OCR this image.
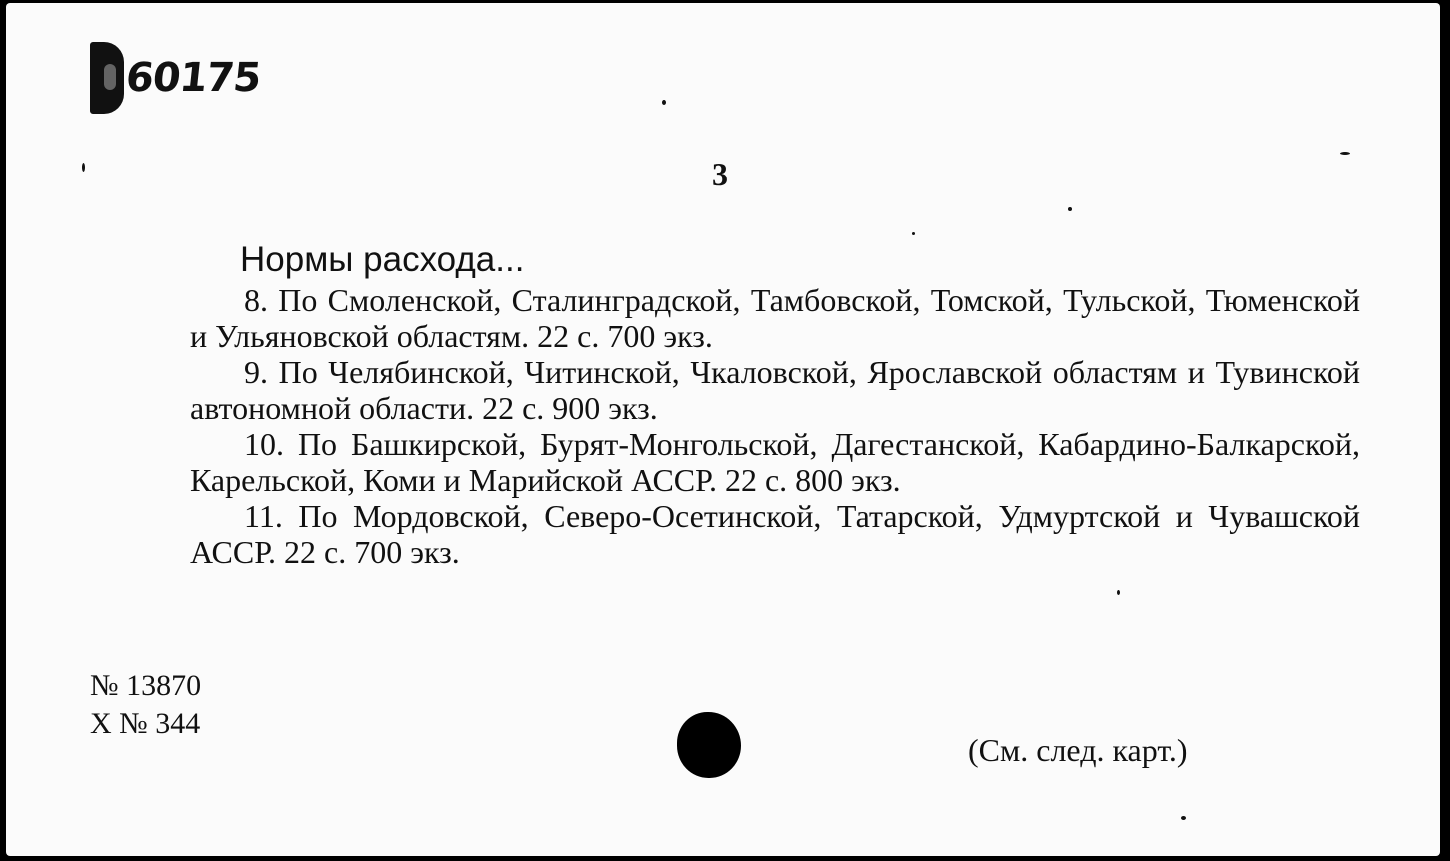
60175
3
Нормы расхода...
8. По Смоленской, Сталинградской, Тамбовской, Томской, Тульской, Тюменской и Ульяновской областям. 22 с. 700 экз.
9. По Челябинской, Читинской, Чкаловской, Ярославской областям и Тувинской автономной области. 22 с. 900 экз.
10. По Башкирской, Бурят-Монгольской, Дагестанской, Кабардино-Балкарской, Карельской, Коми и Марийской АССР. 22 с. 800 экз.
11. По Мордовской, Северо-Осетинской, Татарской, Удмуртской и Чувашской АССР. 22 с. 700 экз.
№ 13870
X № 344
(См. след. карт.)
